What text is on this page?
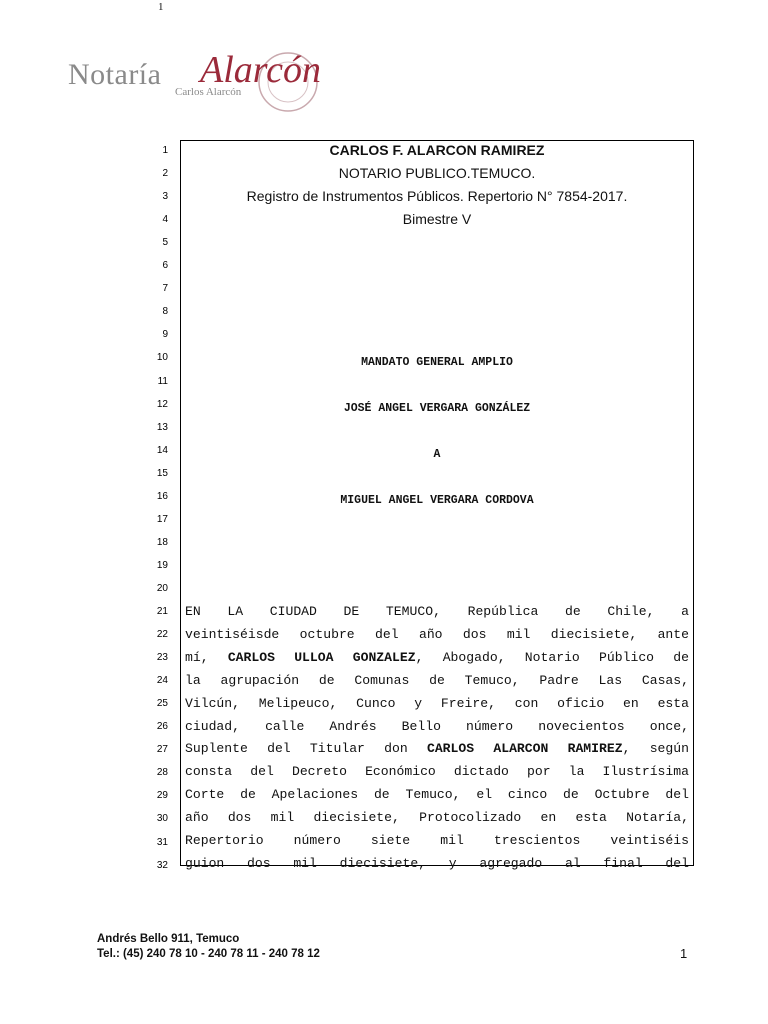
1
Notaría Alarcón
Carlos Alarcón
1
2
3
4
5
6
7
8
9
10
11
12
13
14
15
16
17
18
19
20
21
22
23
24
25
26
27
28
29
30
31
32
CARLOS F. ALARCON RAMIREZ
NOTARIO PUBLICO.TEMUCO.
Registro de Instrumentos Públicos. Repertorio N° 7854-2017.
Bimestre V
MANDATO GENERAL AMPLIO
JOSÉ ANGEL VERGARA GONZÁLEZ
A
MIGUEL ANGEL VERGARA CORDOVA
EN LA CIUDAD DE TEMUCO, República de Chile, a
veintiséisde octubre del año dos mil diecisiete, ante
mí, CARLOS ULLOA GONZALEZ, Abogado, Notario Público de
la agrupación de Comunas de Temuco, Padre Las Casas,
Vilcún, Melipeuco, Cunco y Freire, con oficio en esta
ciudad, calle Andrés Bello número novecientos once,
Suplente del Titular don CARLOS ALARCON RAMIREZ, según
consta del Decreto Económico dictado por la Ilustrísima
Corte de Apelaciones de Temuco, el cinco de Octubre del
año dos mil diecisiete, Protocolizado en esta Notaría,
Repertorio número siete mil trescientos veintiséis
guion dos mil diecisiete, y agregado al final del
Andrés Bello 911, Temuco
Tel.: (45) 240 78 10 - 240 78 11 - 240 78 12	1
